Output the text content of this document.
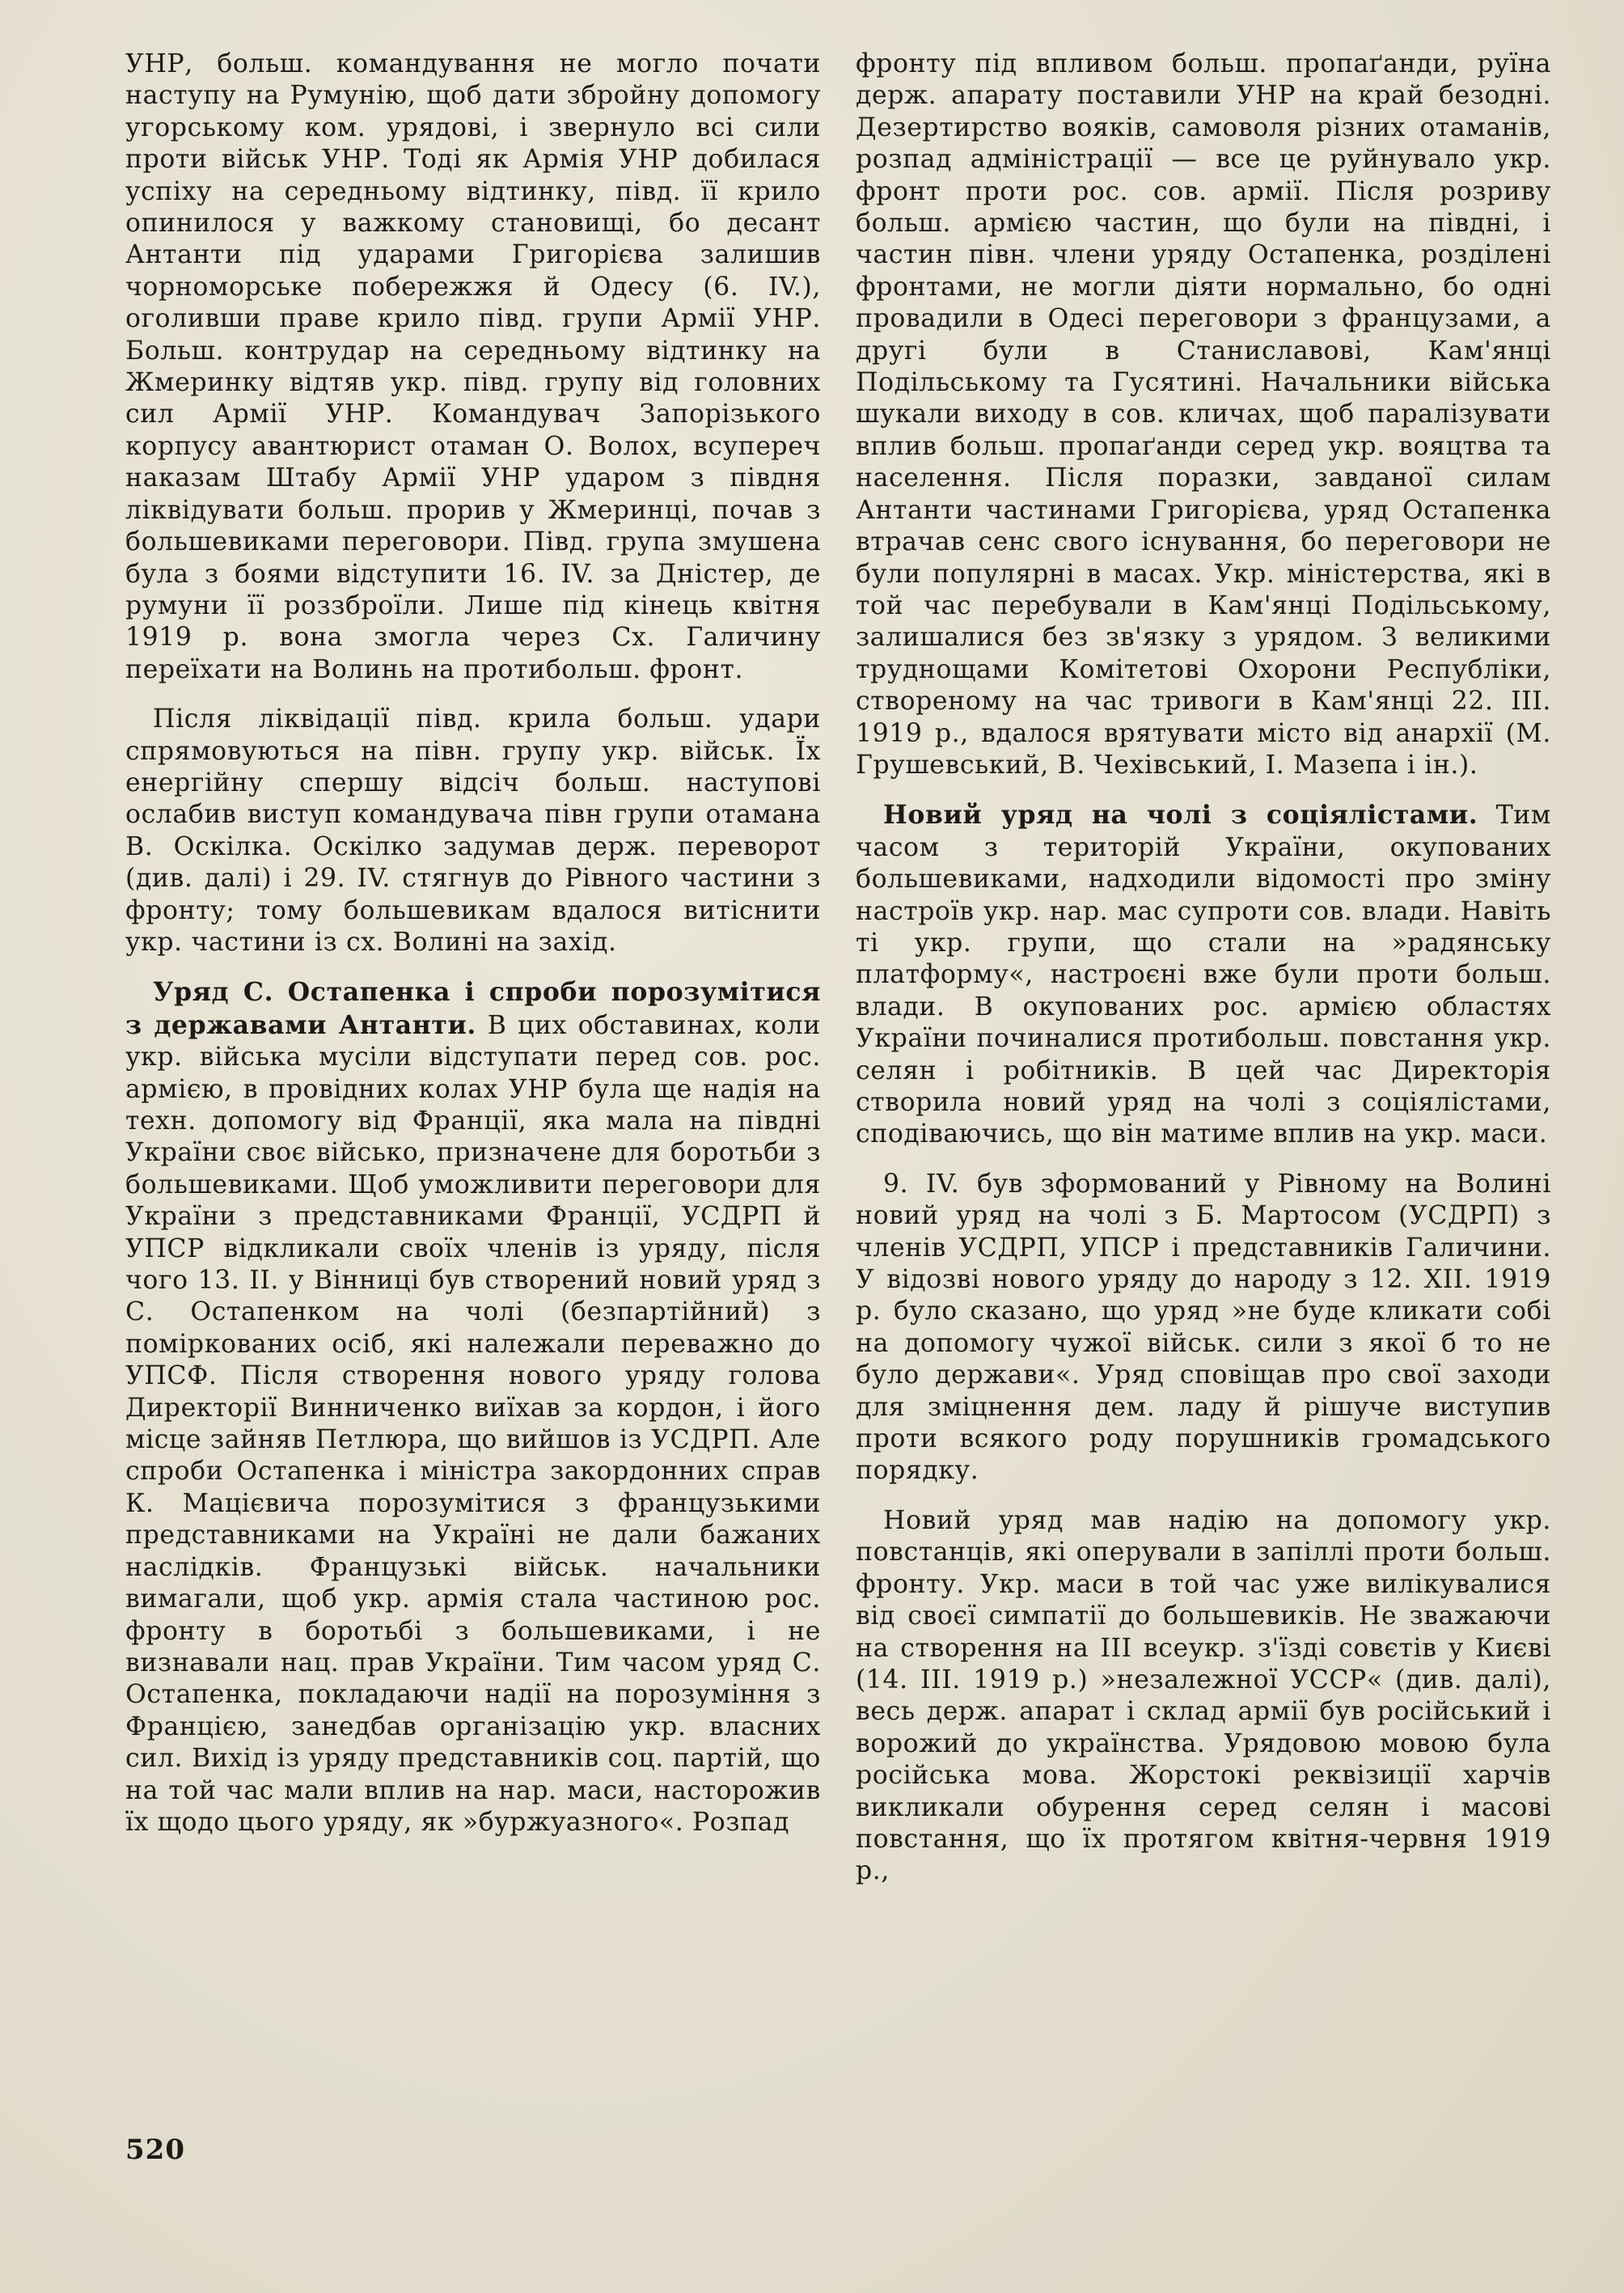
УНР, больш. командування не могло почати наступу на Румунію, щоб дати збройну допомогу угорському ком. урядові, і звернуло всі сили проти військ УНР. Тоді як Армія УНР добилася успіху на середньому відтинку, півд. її крило опинилося у важкому становищі, бо десант Антанти під ударами Григорієва залишив чорноморське побережжя й Одесу (6. IV.), оголивши праве крило півд. групи Армії УНР. Больш. контрудар на середньому відтинку на Жмеринку відтяв укр. півд. групу від головних сил Армії УНР. Командувач Запорізького корпусу авантюрист отаман О. Волох, всупереч наказам Штабу Армії УНР ударом з півдня ліквідувати больш. прорив у Жмеринці, почав з большевиками переговори. Півд. група змушена була з боями відступити 16. IV. за Дністер, де румуни її роззброїли. Лише під кінець квітня 1919 р. вона змогла через Сх. Галичину переїхати на Волинь на протибольш. фронт.

Після ліквідації півд. крила больш. удари спрямовуються на півн. групу укр. військ. Їх енергійну спершу відсіч больш. наступові ослабив виступ командувача півн групи отамана В. Оскілка. Оскілко задумав держ. переворот (див. далі) і 29. IV. стягнув до Рівного частини з фронту; тому большевикам вдалося витіснити укр. частини із сх. Волині на захід.

Уряд С. Остапенка і спроби порозумітися з державами Антанти. В цих обставинах, коли укр. війська мусіли відступати перед сов. рос. армією, в провідних колах УНР була ще надія на техн. допомогу від Франції, яка мала на півдні України своє військо, призначене для боротьби з большевиками. Щоб уможливити переговори для України з представниками Франції, УСДРП й УПСР відкликали своїх членів із уряду, після чого 13. II. у Вінниці був створений новий уряд з С. Остапенком на чолі (безпартійний) з поміркованих осіб, які належали переважно до УПСФ. Після створення нового уряду голова Директорії Винниченко виїхав за кордон, і його місце зайняв Петлюра, що вийшов із УСДРП. Але спроби Остапенка і міністра закордонних справ К. Мацієвича порозумітися з французькими представниками на Україні не дали бажаних наслідків. Французькі військ. начальники вимагали, щоб укр. армія стала частиною рос. фронту в боротьбі з большевиками, і не визнавали нац. прав України. Тим часом уряд С. Остапенка, покладаючи надії на порозуміння з Францією, занедбав організацію укр. власних сил. Вихід із уряду представників соц. партій, що на той час мали вплив на нар. маси, насторожив їх щодо цього уряду, як »буржуазного«. Розпад

фронту під впливом больш. пропаґанди, руїна держ. апарату поставили УНР на край безодні. Дезертирство вояків, самоволя різних отаманів, розпад адміністрації — все це руйнувало укр. фронт проти рос. сов. армії. Після розриву больш. армією частин, що були на півдні, і частин півн. члени уряду Остапенка, розділені фронтами, не могли діяти нормально, бо одні провадили в Одесі переговори з французами, а другі були в Станиславові, Кам'янці Подільському та Гусятині. Начальники війська шукали виходу в сов. кличах, щоб паралізувати вплив больш. пропаґанди серед укр. вояцтва та населення. Після поразки, завданої силам Антанти частинами Григорієва, уряд Остапенка втрачав сенс свого існування, бо переговори не були популярні в масах. Укр. міністерства, які в той час перебували в Кам'янці Подільському, залишалися без зв'язку з урядом. З великими труднощами Комітетові Охорони Республіки, створеному на час тривоги в Кам'янці 22. III. 1919 р., вдалося врятувати місто від анархії (М. Грушевський, В. Чехівський, І. Мазепа і ін.).

Новий уряд на чолі з соціялістами. Тим часом з територій України, окупованих большевиками, надходили відомості про зміну настроїв укр. нар. мас супроти сов. влади. Навіть ті укр. групи, що стали на »радянську платформу«, настроєні вже були проти больш. влади. В окупованих рос. армією областях України починалися протибольш. повстання укр. селян і робітників. В цей час Директорія створила новий уряд на чолі з соціялістами, сподіваючись, що він матиме вплив на укр. маси.

9. IV. був зформований у Рівному на Волині новий уряд на чолі з Б. Мартосом (УСДРП) з членів УСДРП, УПСР і представників Галичини. У відозві нового уряду до народу з 12. XII. 1919 р. було сказано, що уряд »не буде кликати собі на допомогу чужої військ. сили з якої б то не було держави«. Уряд сповіщав про свої заходи для зміцнення дем. ладу й рішуче виступив проти всякого роду порушників громадського порядку.

Новий уряд мав надію на допомогу укр. повстанців, які оперували в запіллі проти больш. фронту. Укр. маси в той час уже вилікувалися від своєї симпатії до большевиків. Не зважаючи на створення на III всеукр. з'їзді совєтів у Києві (14. III. 1919 р.) »незалежної УССР« (див. далі), весь держ. апарат і склад армії був російський і ворожий до українства. Урядовою мовою була російська мова. Жорстокі реквізиції харчів викликали обурення серед селян і масові повстання, що їх протягом квітня-червня 1919 р.,

520
